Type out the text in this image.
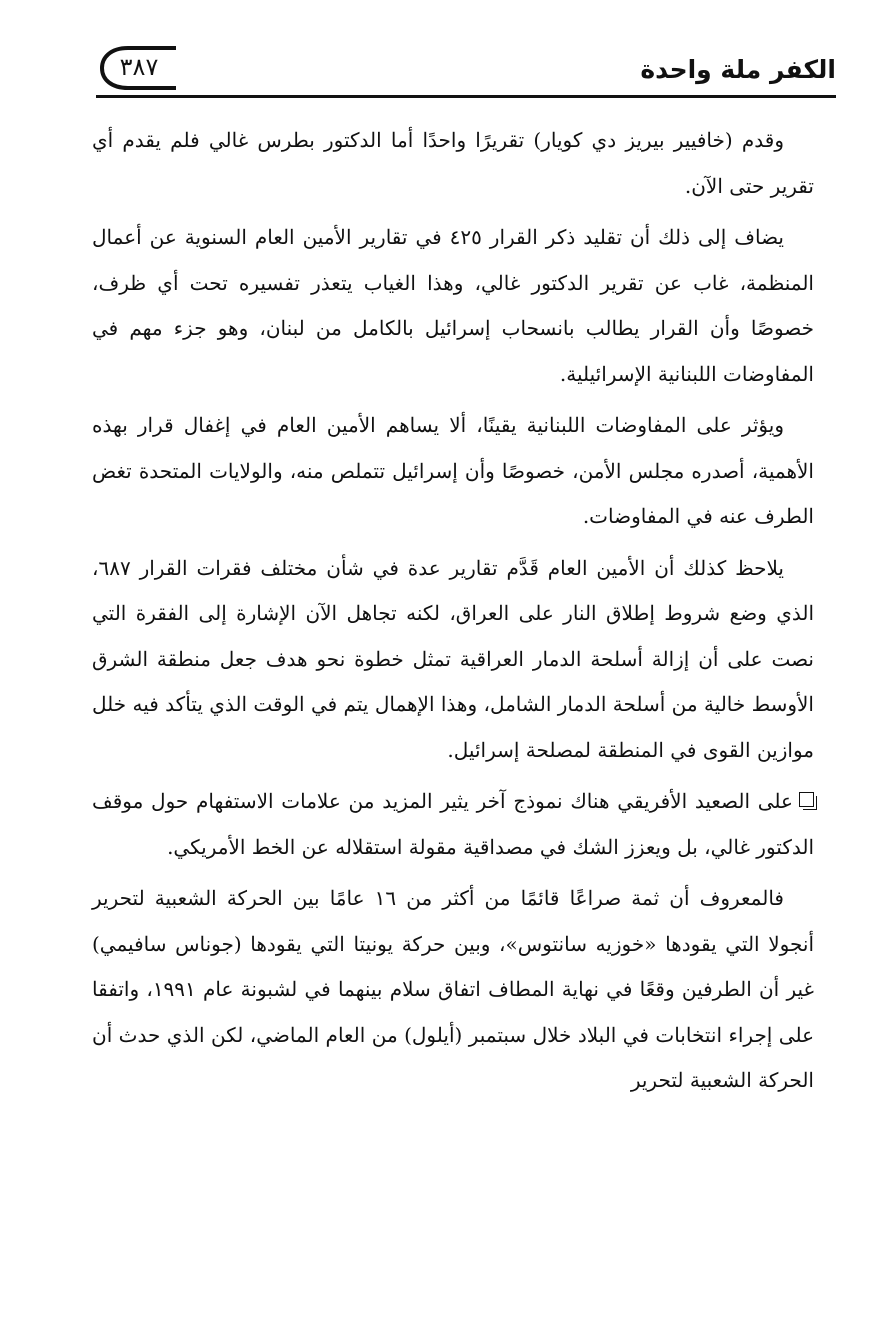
الكفر ملة واحدة
٣٨٧

وقدم (خافيير بيريز دي كويار) تقريرًا واحدًا أما الدكتور بطرس غالي فلم يقدم أي تقرير حتى الآن.

يضاف إلى ذلك أن تقليد ذكر القرار ٤٢٥ في تقارير الأمين العام السنوية عن أعمال المنظمة، غاب عن تقرير الدكتور غالي، وهذا الغياب يتعذر تفسيره تحت أي ظرف، خصوصًا وأن القرار يطالب بانسحاب إسرائيل بالكامل من لبنان، وهو جزء مهم في المفاوضات اللبنانية الإسرائيلية.

ويؤثر على المفاوضات اللبنانية يقينًا، ألا يساهم الأمين العام في إغفال قرار بهذه الأهمية، أصدره مجلس الأمن، خصوصًا وأن إسرائيل تتملص منه، والولايات المتحدة تغض الطرف عنه في المفاوضات.

يلاحظ كذلك أن الأمين العام قَدَّم تقارير عدة في شأن مختلف فقرات القرار ٦٨٧، الذي وضع شروط إطلاق النار على العراق، لكنه تجاهل الآن الإشارة إلى الفقرة التي نصت على أن إزالة أسلحة الدمار العراقية تمثل خطوة نحو هدف جعل منطقة الشرق الأوسط خالية من أسلحة الدمار الشامل، وهذا الإهمال يتم في الوقت الذي يتأكد فيه خلل موازين القوى في المنطقة لمصلحة إسرائيل.

على الصعيد الأفريقي هناك نموذج آخر يثير المزيد من علامات الاستفهام حول موقف الدكتور غالي، بل ويعزز الشك في مصداقية مقولة استقلاله عن الخط الأمريكي.

فالمعروف أن ثمة صراعًا قائمًا من أكثر من ١٦ عامًا بين الحركة الشعبية لتحرير أنجولا التي يقودها «خوزيه سانتوس»، وبين حركة يونيتا التي يقودها (جوناس سافيمي) غير أن الطرفين وقعًا في نهاية المطاف اتفاق سلام بينهما في لشبونة عام ١٩٩١، واتفقا على إجراء انتخابات في البلاد خلال سبتمبر (أيلول) من العام الماضي، لكن الذي حدث أن الحركة الشعبية لتحرير
